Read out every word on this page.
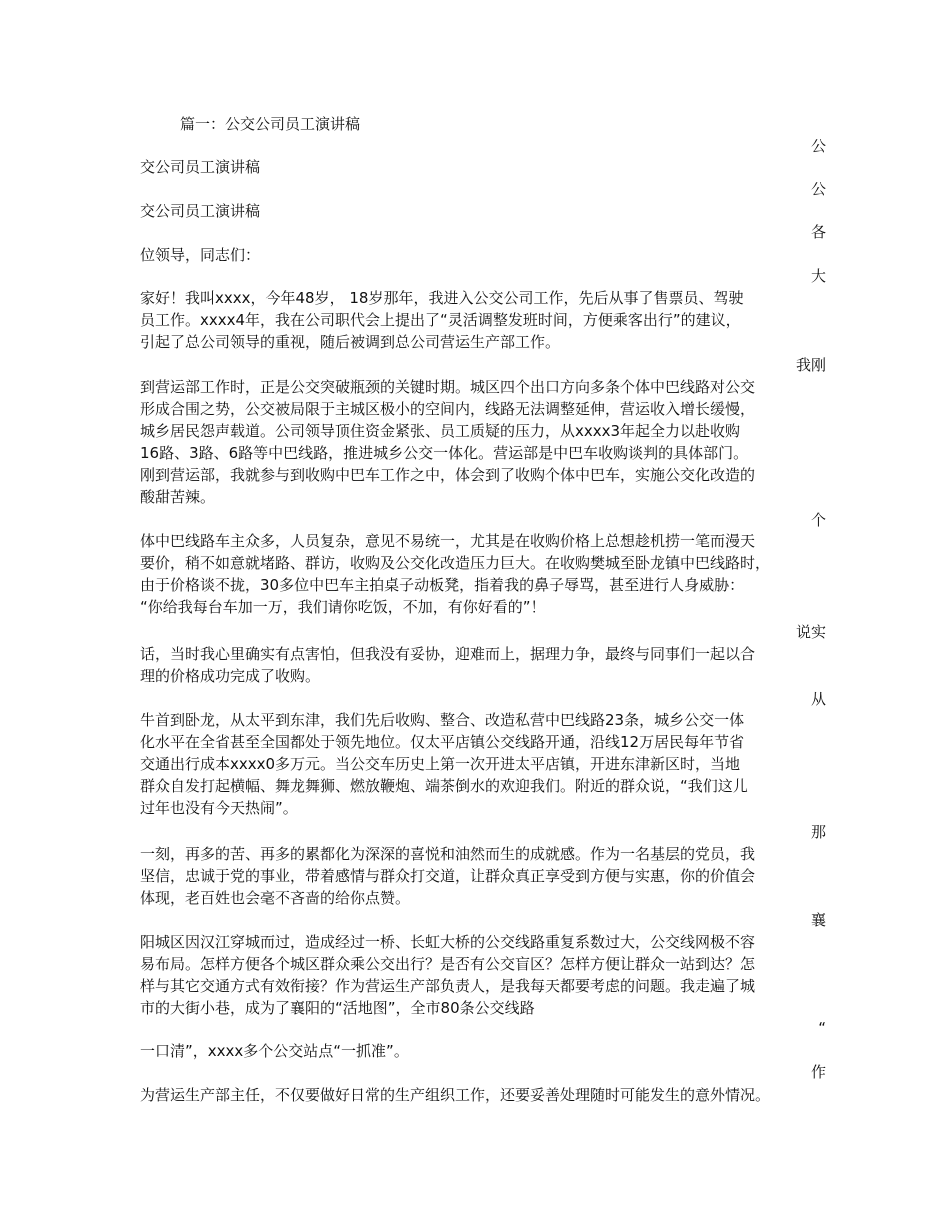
篇一：公交公司员工演讲稿
公
交公司员工演讲稿
公
交公司员工演讲稿
各
位领导，同志们：
大
家好！我叫xxxx，今年48岁， 18岁那年，我进入公交公司工作，先后从事了售票员、驾驶
员工作。xxxx4年，我在公司职代会上提出了“灵活调整发班时间，方便乘客出行”的建议，
引起了总公司领导的重视，随后被调到总公司营运生产部工作。
我刚
到营运部工作时，正是公交突破瓶颈的关键时期。城区四个出口方向多条个体中巴线路对公交
形成合围之势，公交被局限于主城区极小的空间内，线路无法调整延伸，营运收入增长缓慢，
城乡居民怨声载道。公司领导顶住资金紧张、员工质疑的压力，从xxxx3年起全力以赴收购
16路、3路、6路等中巴线路，推进城乡公交一体化。营运部是中巴车收购谈判的具体部门。
刚到营运部，我就参与到收购中巴车工作之中，体会到了收购个体中巴车，实施公交化改造的
酸甜苦辣。
个
体中巴线路车主众多，人员复杂，意见不易统一，尤其是在收购价格上总想趁机捞一笔而漫天
要价，稍不如意就堵路、群访，收购及公交化改造压力巨大。在收购樊城至卧龙镇中巴线路时，
由于价格谈不拢，30多位中巴车主拍桌子动板凳，指着我的鼻子辱骂，甚至进行人身威胁：
“你给我每台车加一万，我们请你吃饭，不加，有你好看的”！
说实
话，当时我心里确实有点害怕，但我没有妥协，迎难而上，据理力争，最终与同事们一起以合
理的价格成功完成了收购。
从
牛首到卧龙，从太平到东津，我们先后收购、整合、改造私营中巴线路23条，城乡公交一体
化水平在全省甚至全国都处于领先地位。仅太平店镇公交线路开通，沿线12万居民每年节省
交通出行成本xxxx0多万元。当公交车历史上第一次开进太平店镇，开进东津新区时，当地
群众自发打起横幅、舞龙舞狮、燃放鞭炮、端茶倒水的欢迎我们。附近的群众说，“我们这儿
过年也没有今天热闹”。
那
一刻，再多的苦、再多的累都化为深深的喜悦和油然而生的成就感。作为一名基层的党员，我
坚信，忠诚于党的事业，带着感情与群众打交道，让群众真正享受到方便与实惠，你的价值会
体现，老百姓也会毫不吝啬的给你点赞。
襄
阳城区因汉江穿城而过，造成经过一桥、长虹大桥的公交线路重复系数过大，公交线网极不容
易布局。怎样方便各个城区群众乘公交出行？是否有公交盲区？怎样方便让群众一站到达？怎
样与其它交通方式有效衔接？作为营运生产部负责人，是我每天都要考虑的问题。我走遍了城
市的大街小巷，成为了襄阳的“活地图”，全市80条公交线路
“
一口清”，xxxx多个公交站点“一抓准”。
作
为营运生产部主任，不仅要做好日常的生产组织工作，还要妥善处理随时可能发生的意外情况。
